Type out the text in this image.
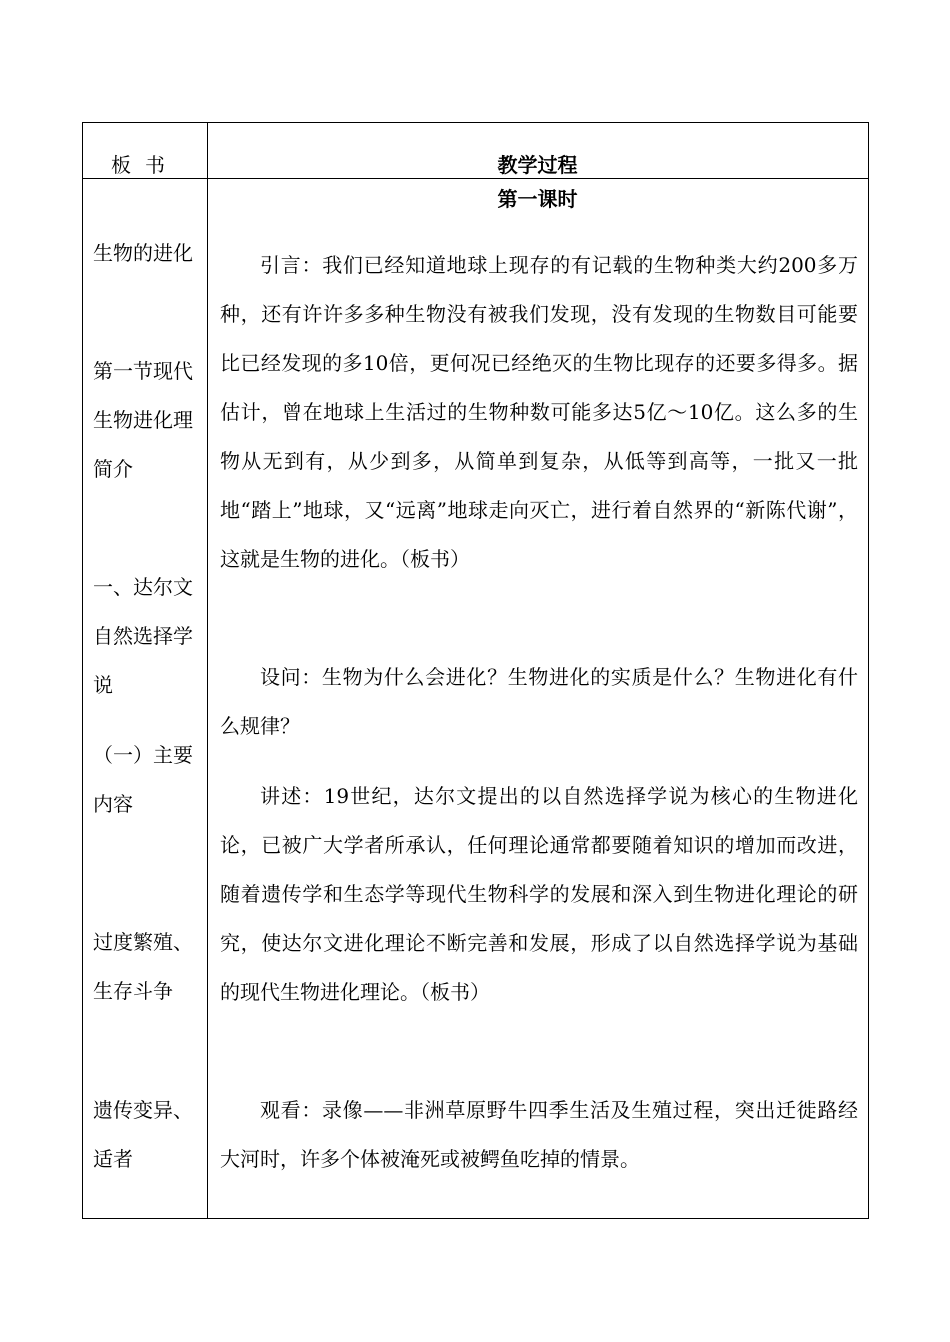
板书	教学过程
第一课时
生物的进化
第一节现代生物进化理简介
一、达尔文自然选择学说
（一）主要内容
过度繁殖、生存斗争
遗传变异、适者

引言：我们已经知道地球上现存的有记载的生物种类大约200多万种，还有许许多多种生物没有被我们发现，没有发现的生物数目可能要比已经发现的多10倍，更何况已经绝灭的生物比现存的还要多得多。据估计，曾在地球上生活过的生物种数可能多达5亿～10亿。这么多的生物从无到有，从少到多，从简单到复杂，从低等到高等，一批又一批地“踏上”地球，又“远离”地球走向灭亡，进行着自然界的“新陈代谢”，这就是生物的进化。（板书）

设问：生物为什么会进化？生物进化的实质是什么？生物进化有什么规律？

讲述：19世纪，达尔文提出的以自然选择学说为核心的生物进化论，已被广大学者所承认，任何理论通常都要随着知识的增加而改进，随着遗传学和生态学等现代生物科学的发展和深入到生物进化理论的研究，使达尔文进化理论不断完善和发展，形成了以自然选择学说为基础的现代生物进化理论。（板书）

观看：录像——非洲草原野牛四季生活及生殖过程，突出迁徙路经大河时，许多个体被淹死或被鳄鱼吃掉的情景。
